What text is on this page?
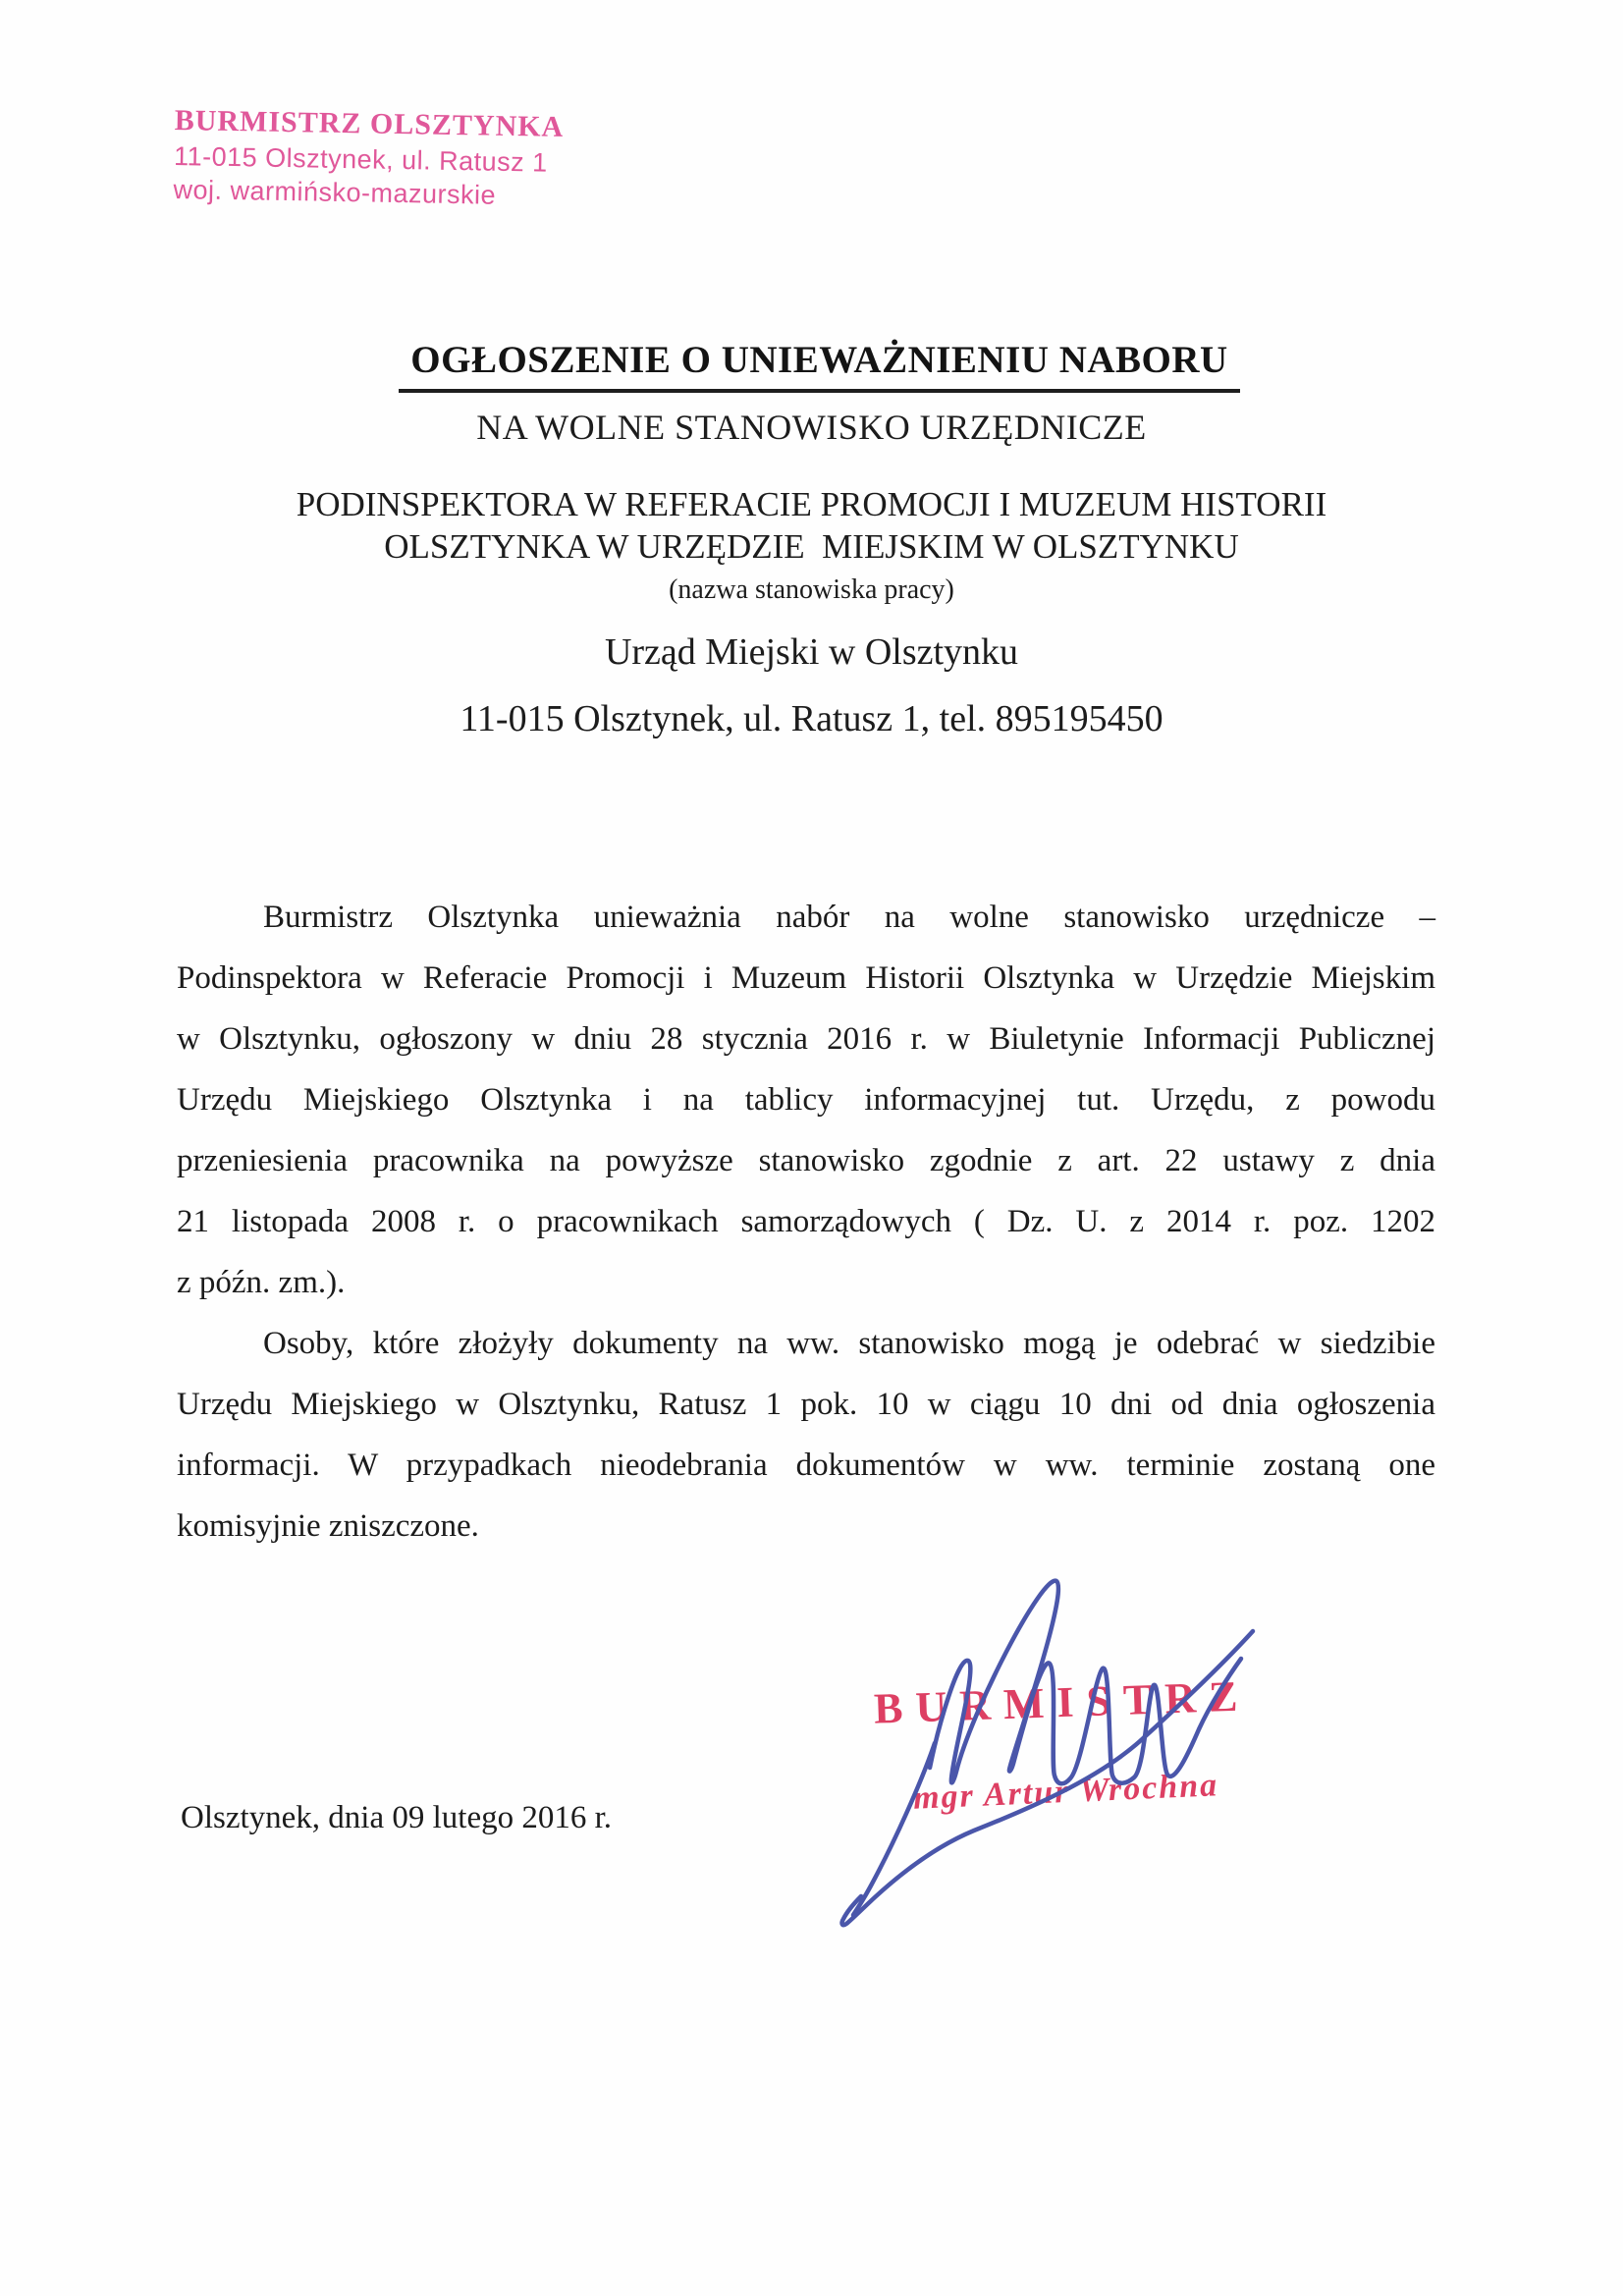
BURMISTRZ OLSZTYNKA
11-015 Olsztynek, ul. Ratusz 1
woj. warmińsko-mazurskie

OGŁOSZENIE O UNIEWAŻNIENIU NABORU

NA WOLNE STANOWISKO URZĘDNICZE
PODINSPEKTORA W REFERACIE PROMOCJI I MUZEUM HISTORII
OLSZTYNKA W URZĘDZIE  MIEJSKIM W OLSZTYNKU
(nazwa stanowiska pracy)
Urząd Miejski w Olsztynku
11-015 Olsztynek, ul. Ratusz 1, tel. 895195450
Burmistrz Olsztynka unieważnia nabór na wolne stanowisko urzędnicze –
Podinspektora w Referacie Promocji i Muzeum Historii Olsztynka w Urzędzie Miejskim
w Olsztynku, ogłoszony w dniu 28 stycznia 2016 r. w Biuletynie Informacji Publicznej
Urzędu Miejskiego Olsztynka i na tablicy informacyjnej tut. Urzędu, z powodu
przeniesienia pracownika na powyższe stanowisko zgodnie z art. 22 ustawy z dnia
21 listopada 2008 r. o pracownikach samorządowych ( Dz. U. z 2014 r. poz. 1202
z późn. zm.).
Osoby, które złożyły dokumenty na ww. stanowisko mogą je odebrać w siedzibie
Urzędu Miejskiego w Olsztynku, Ratusz 1 pok. 10 w ciągu 10 dni od dnia ogłoszenia
informacji. W przypadkach nieodebrania dokumentów w ww. terminie zostaną one
komisyjnie zniszczone.
Olsztynek, dnia 09 lutego 2016 r.
BURMISTRZ
mgr Artur Wrochna
